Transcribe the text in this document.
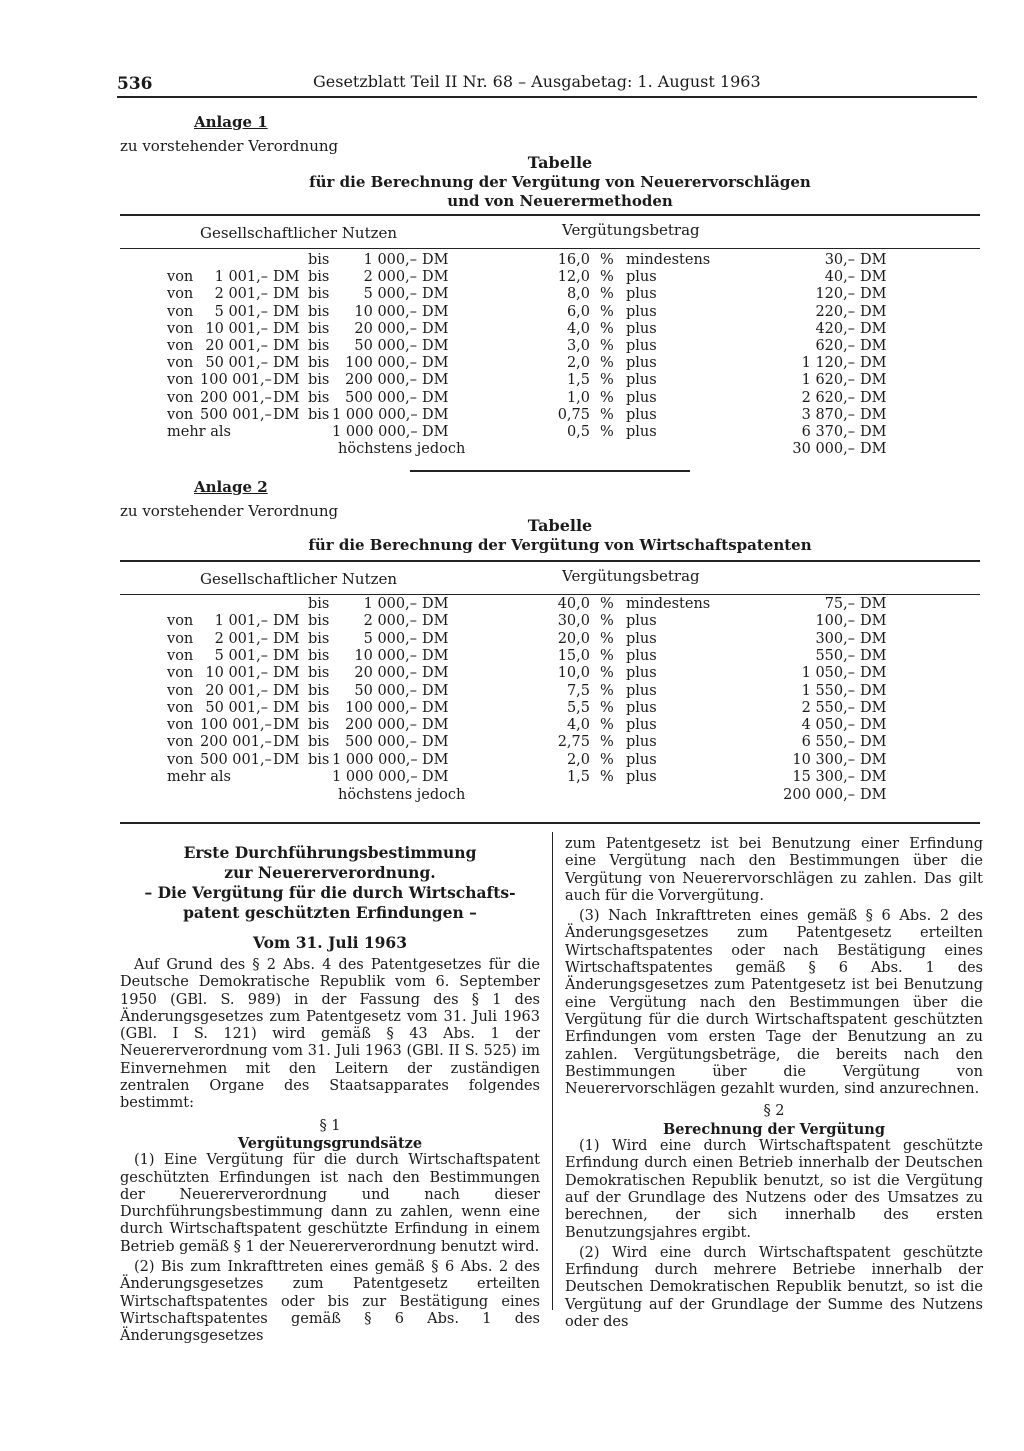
536	Gesetzblatt Teil II Nr. 68 – Ausgabetag: 1. August 1963
Anlage 1
zu vorstehender Verordnung
Tabelle
für die Berechnung der Vergütung von Neuerervorschlägen
und von Neuerermethoden
Gesellschaftlicher Nutzen	Vergütungsbetrag
bis	1 000,– DM	16,0 % mindestens	30,– DM
von	1 001,– DM bis	2 000,– DM	12,0 % plus	40,– DM
von	2 001,– DM bis	5 000,– DM	8,0 % plus	120,– DM
von	5 001,– DM bis	10 000,– DM	6,0 % plus	220,– DM
von 10 001,– DM bis	20 000,– DM	4,0 % plus	420,– DM
von 20 001,– DM bis	50 000,– DM	3,0 % plus	620,– DM
von 50 001,– DM bis	100 000,– DM	2,0 % plus	1 120,– DM
von 100 001,– DM bis	200 000,– DM	1,5 % plus	1 620,– DM
von 200 001,– DM bis	500 000,– DM	1,0 % plus	2 620,– DM
von 500 001,– DM bis 1 000 000,– DM	0,75 % plus	3 870,– DM
mehr als	1 000 000,– DM	0,5 % plus	6 370,– DM
höchstens jedoch	30 000,– DM
Anlage 2
zu vorstehender Verordnung
Tabelle
für die Berechnung der Vergütung von Wirtschaftspatenten
Gesellschaftlicher Nutzen	Vergütungsbetrag
bis	1 000,– DM	40,0 % mindestens	75,– DM
von	1 001,– DM bis	2 000,– DM	30,0 % plus	100,– DM
von	2 001,– DM bis	5 000,– DM	20,0 % plus	300,– DM
von	5 001,– DM bis	10 000,– DM	15,0 % plus	550,– DM
von 10 001,– DM bis	20 000,– DM	10,0 % plus	1 050,– DM
von 20 001,– DM bis	50 000,– DM	7,5 % plus	1 550,– DM
von 50 001,– DM bis	100 000,– DM	5,5 % plus	2 550,– DM
von 100 001,– DM bis	200 000,– DM	4,0 % plus	4 050,– DM
von 200 001,– DM bis	500 000,– DM	2,75 % plus	6 550,– DM
von 500 001,– DM bis 1 000 000,– DM	2,0 % plus	10 300,– DM
mehr als	1 000 000,– DM	1,5 % plus	15 300,– DM
höchstens jedoch	200 000,– DM
Erste Durchführungsbestimmung
zur Neuererverordnung.
– Die Vergütung für die durch Wirtschafts-
patent geschützten Erfindungen –
Vom 31. Juli 1963

Auf Grund des § 2 Abs. 4 des Patentgesetzes für die Deutsche Demokratische Republik vom 6. September 1950 (GBl. S. 989) in der Fassung des § 1 des Änderungsgesetzes zum Patentgesetz vom 31. Juli 1963 (GBl. I S. 121) wird gemäß § 43 Abs. 1 der Neuererverordnung vom 31. Juli 1963 (GBl. II S. 525) im Einvernehmen mit den Leitern der zuständigen zentralen Organe des Staatsapparates folgendes bestimmt:

§ 1
Vergütungsgrundsätze

(1) Eine Vergütung für die durch Wirtschaftspatent geschützten Erfindungen ist nach den Bestimmungen der Neuererverordnung und nach dieser Durchführungsbestimmung dann zu zahlen, wenn eine durch Wirtschaftspatent geschützte Erfindung in einem Betrieb gemäß § 1 der Neuererverordnung benutzt wird.

(2) Bis zum Inkrafttreten eines gemäß § 6 Abs. 2 des Änderungsgesetzes zum Patentgesetz erteilten Wirtschaftspatentes oder bis zur Bestätigung eines Wirtschaftspatentes gemäß § 6 Abs. 1 des Änderungsgesetzes

zum Patentgesetz ist bei Benutzung einer Erfindung eine Vergütung nach den Bestimmungen über die Vergütung von Neuerervorschlägen zu zahlen. Das gilt auch für die Vorvergütung.

(3) Nach Inkrafttreten eines gemäß § 6 Abs. 2 des Änderungsgesetzes zum Patentgesetz erteilten Wirtschaftspatentes oder nach Bestätigung eines Wirtschaftspatentes gemäß § 6 Abs. 1 des Änderungsgesetzes zum Patentgesetz ist bei Benutzung eine Vergütung nach den Bestimmungen über die Vergütung für die durch Wirtschaftspatent geschützten Erfindungen vom ersten Tage der Benutzung an zu zahlen. Vergütungsbeträge, die bereits nach den Bestimmungen über die Vergütung von Neuerervorschlägen gezahlt wurden, sind anzurechnen.

§ 2
Berechnung der Vergütung

(1) Wird eine durch Wirtschaftspatent geschützte Erfindung durch einen Betrieb innerhalb der Deutschen Demokratischen Republik benutzt, so ist die Vergütung auf der Grundlage des Nutzens oder des Umsatzes zu berechnen, der sich innerhalb des ersten Benutzungsjahres ergibt.

(2) Wird eine durch Wirtschaftspatent geschützte Erfindung durch mehrere Betriebe innerhalb der Deutschen Demokratischen Republik benutzt, so ist die Vergütung auf der Grundlage der Summe des Nutzens oder des
